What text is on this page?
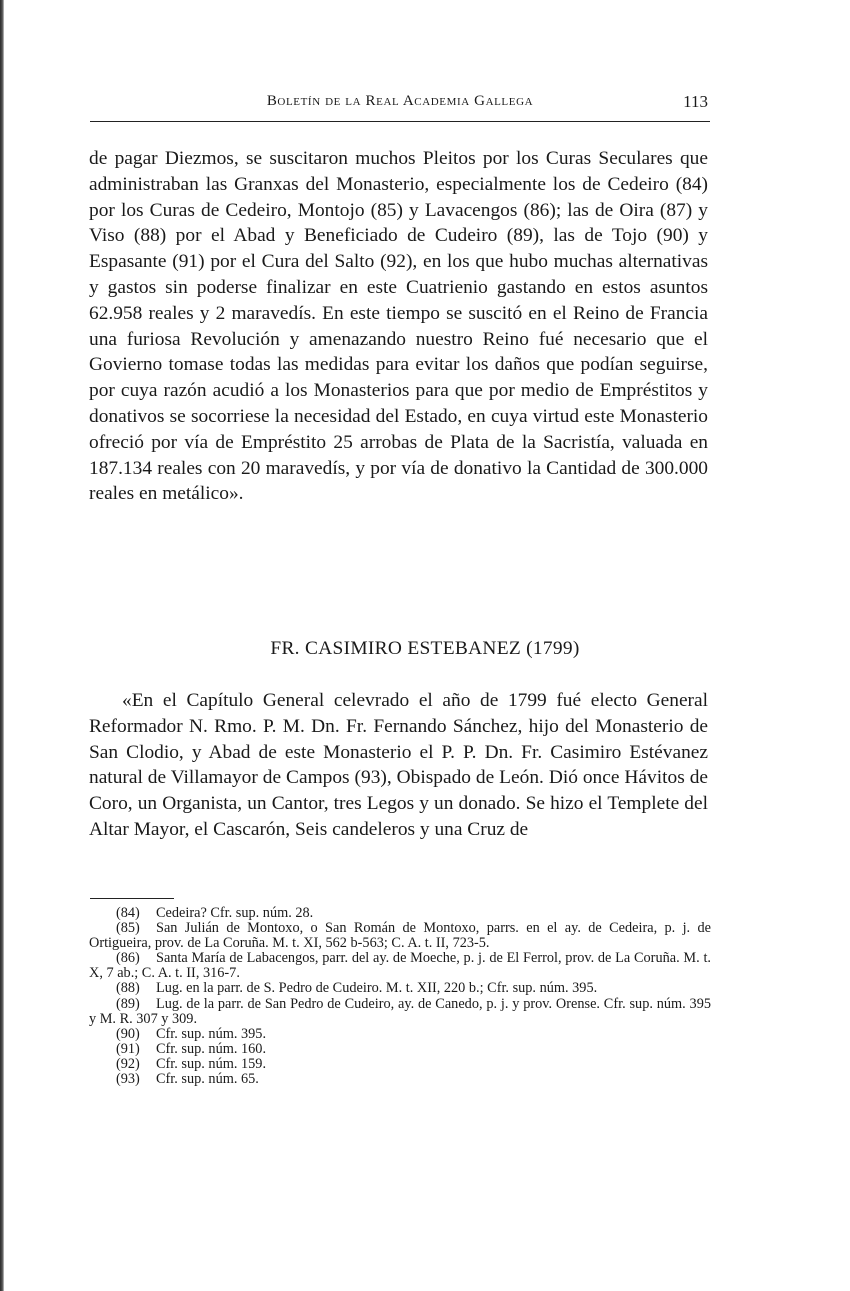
Boletín de la Real Academia Gallega	113
de pagar Diezmos, se suscitaron muchos Pleitos por los Curas Seculares que administraban las Granxas del Monasterio, especialmente los de Cedeiro (84) por los Curas de Cedeiro, Montojo (85) y Lavacengos (86); las de Oira (87) y Viso (88) por el Abad y Beneficiado de Cudeiro (89), las de Tojo (90) y Espasante (91) por el Cura del Salto (92), en los que hubo muchas alternativas y gastos sin poderse finalizar en este Cuatrienio gastando en estos asuntos 62.958 reales y 2 maravedís. En este tiempo se suscitó en el Reino de Francia una furiosa Revolución y amenazando nuestro Reino fué necesario que el Govierno tomase todas las medidas para evitar los daños que podían seguirse, por cuya razón acudió a los Monasterios para que por medio de Empréstitos y donativos se socorriese la necesidad del Estado, en cuya virtud este Monasterio ofreció por vía de Empréstito 25 arrobas de Plata de la Sacristía, valuada en 187.134 reales con 20 maravedís, y por vía de donativo la Cantidad de 300.000 reales en metálico».
FR. CASIMIRO ESTEBANEZ (1799)
«En el Capítulo General celevrado el año de 1799 fué electo General Reformador N. Rmo. P. M. Dn. Fr. Fernando Sánchez, hijo del Monasterio de San Clodio, y Abad de este Monasterio el P. P. Dn. Fr. Casimiro Estévanez natural de Villamayor de Campos (93), Obispado de León. Dió once Hávitos de Coro, un Organista, un Cantor, tres Legos y un donado. Se hizo el Templete del Altar Mayor, el Cascarón, Seis candeleros y una Cruz de

(84) Cedeira? Cfr. sup. núm. 28.

(85) San Julián de Montoxo, o San Román de Montoxo, parrs. en el ay. de Cedeira, p. j. de Ortigueira, prov. de La Coruña. M. t. XI, 562 b-563; C. A. t. II, 723-5.

(86) Santa María de Labacengos, parr. del ay. de Moeche, p. j. de El Ferrol, prov. de La Coruña. M. t. X, 7 ab.; C. A. t. II, 316-7.

(88) Lug. en la parr. de S. Pedro de Cudeiro. M. t. XII, 220 b.; Cfr. sup. núm. 395.

(89) Lug. de la parr. de San Pedro de Cudeiro, ay. de Canedo, p. j. y prov. Orense. Cfr. sup. núm. 395 y M. R. 307 y 309.

(90) Cfr. sup. núm. 395.

(91) Cfr. sup. núm. 160.

(92) Cfr. sup. núm. 159.

(93) Cfr. sup. núm. 65.
